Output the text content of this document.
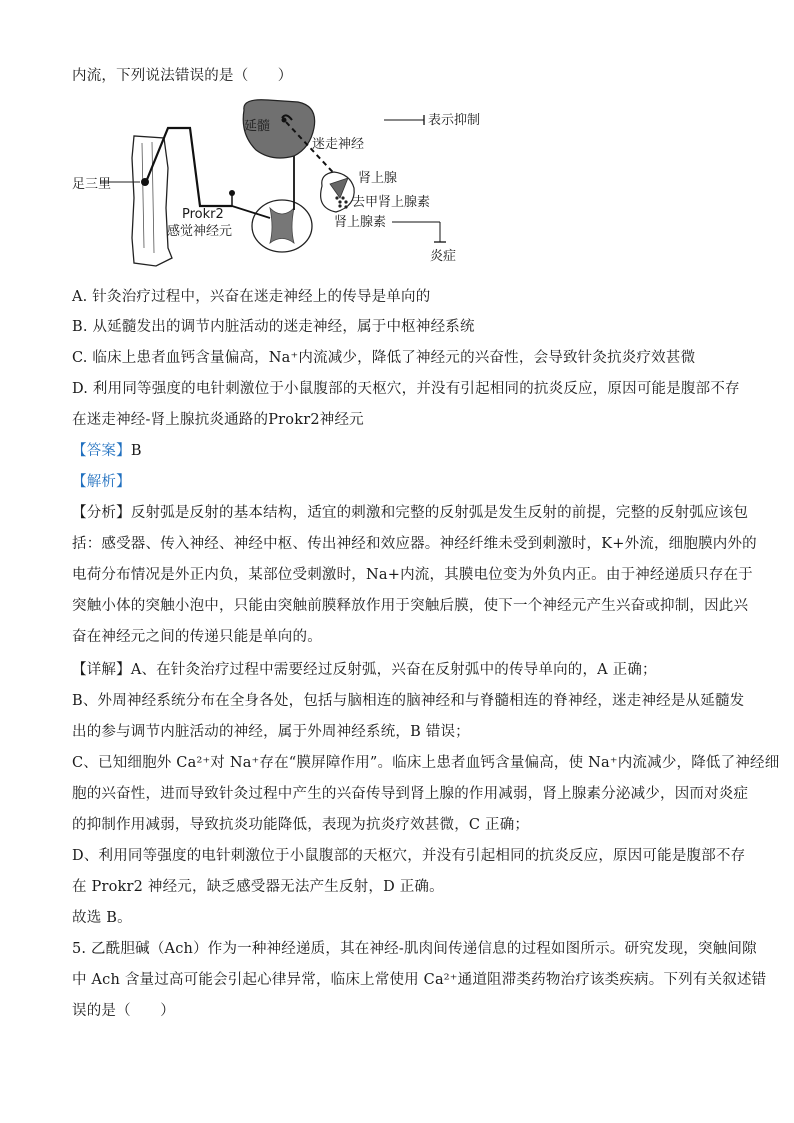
内流，下列说法错误的是（　　）
足三里
Prokr2
感觉神经元
延髓
迷走神经
表示抑制
肾上腺
去甲肾上腺素
肾上腺素
炎症
A. 针灸治疗过程中，兴奋在迷走神经上的传导是单向的
B. 从延髓发出的调节内脏活动的迷走神经，属于中枢神经系统
C. 临床上患者血钙含量偏高，Na⁺内流减少，降低了神经元的兴奋性，会导致针灸抗炎疗效甚微
D. 利用同等强度的电针刺激位于小鼠腹部的天枢穴，并没有引起相同的抗炎反应，原因可能是腹部不存
在迷走神经-肾上腺抗炎通路的Prokr2神经元
【答案】B
【解析】
【分析】反射弧是反射的基本结构，适宜的刺激和完整的反射弧是发生反射的前提，完整的反射弧应该包
括：感受器、传入神经、神经中枢、传出神经和效应器。神经纤维未受到刺激时，K+外流，细胞膜内外的
电荷分布情况是外正内负，某部位受刺激时，Na+内流，其膜电位变为外负内正。由于神经递质只存在于
突触小体的突触小泡中，只能由突触前膜释放作用于突触后膜，使下一个神经元产生兴奋或抑制，因此兴
奋在神经元之间的传递只能是单向的。
【详解】A、在针灸治疗过程中需要经过反射弧，兴奋在反射弧中的传导单向的，A 正确；
B、外周神经系统分布在全身各处，包括与脑相连的脑神经和与脊髓相连的脊神经，迷走神经是从延髓发
出的参与调节内脏活动的神经，属于外周神经系统，B 错误；
C、已知细胞外 Ca²⁺对 Na⁺存在“膜屏障作用”。临床上患者血钙含量偏高，使 Na⁺内流减少，降低了神经细
胞的兴奋性，进而导致针灸过程中产生的兴奋传导到肾上腺的作用减弱，肾上腺素分泌减少，因而对炎症
的抑制作用减弱，导致抗炎功能降低，表现为抗炎疗效甚微，C 正确；
D、利用同等强度的电针刺激位于小鼠腹部的天枢穴，并没有引起相同的抗炎反应，原因可能是腹部不存
在 Prokr2 神经元，缺乏感受器无法产生反射，D 正确。
故选 B。
5. 乙酰胆碱（Ach）作为一种神经递质，其在神经-肌肉间传递信息的过程如图所示。研究发现，突触间隙
中 Ach 含量过高可能会引起心律异常，临床上常使用 Ca²⁺通道阻滞类药物治疗该类疾病。下列有关叙述错
误的是（　　）
